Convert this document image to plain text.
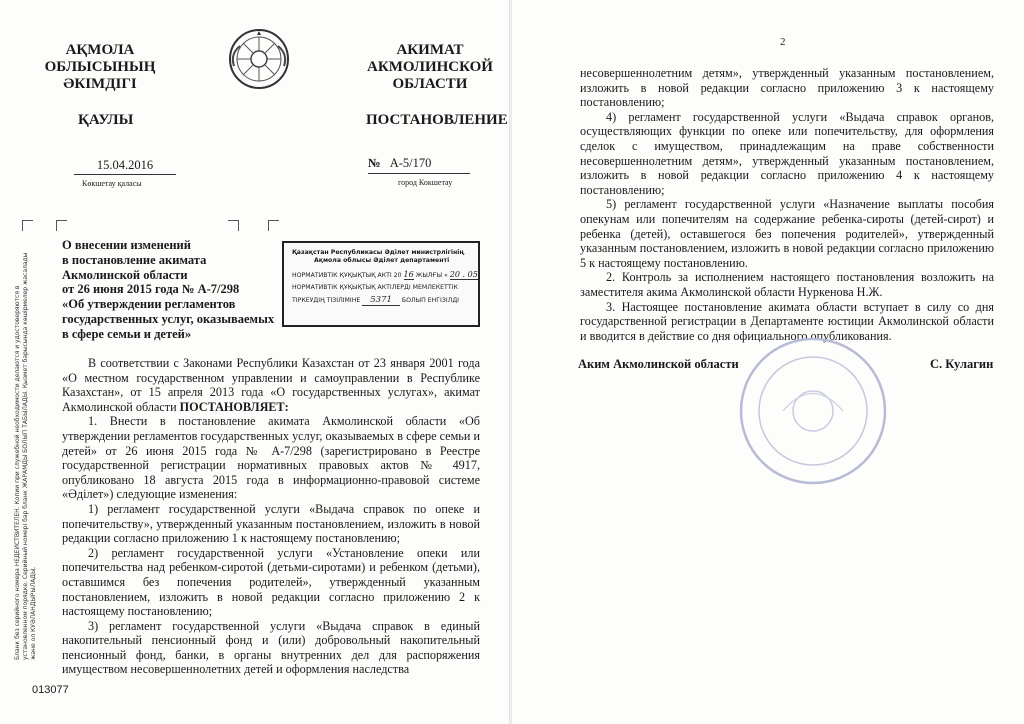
АҚМОЛА
ОБЛЫСЫНЫҢ
ӘКІМДІГІ
АКИМАТ
АКМОЛИНСКОЙ
ОБЛАСТИ
ҚАУЛЫ	ПОСТАНОВЛЕНИЕ
15.04.2016
Көкшетау қаласы
№ А-5/170
город Кокшетау
Бланк без серийного номера НЕДЕЙСТВИТЕЛЕН. Копии при служебной необходимости делаются и удостоверяются в установленном порядке. Серийный номері бар бланк ЖАРАМДЫ БОЛЫП ТАБЫЛАДЫ. Қызмет барысында көшірмелер жасалады және ол КУӘЛАНДЫРЫЛАДЫ.
О внесении изменений
в постановление акимата
Акмолинской области
от 26 июня 2015 года № А-7/298
«Об утверждении регламентов
государственных услуг, оказываемых
в сфере семьи и детей»
Қазақстан Республикасы Әділет министрлігінің
Ақмола облысы Әділет департаменті
НОРМАТИВТІК ҚҰҚЫҚТЫҚ АКТІ 20 16 ЖЫЛҒЫ « 20 . 05
НОРМАТИВТІК ҚҰҚЫҚТЫҚ АКТІЛЕРДІ МЕМЛЕКЕТТІК
ТІРКЕУДІҢ ТІЗІЛІМІНЕ 5371 БОЛЫП ЕНГІЗІЛДІ
В соответствии с Законами Республики Казахстан от 23 января 2001 года «О местном государственном управлении и самоуправлении в Республике Казахстан», от 15 апреля 2013 года «О государственных услугах», акимат Акмолинской области ПОСТАНОВЛЯЕТ:
1. Внести в постановление акимата Акмолинской области «Об утверждении регламентов государственных услуг, оказываемых в сфере семьи и детей» от 26 июня 2015 года № А-7/298 (зарегистрировано в Реестре государственной регистрации нормативных правовых актов № 4917, опубликовано 18 августа 2015 года в информационно-правовой системе «Әділет») следующие изменения:
1) регламент государственной услуги «Выдача справок по опеке и попечительству», утвержденный указанным постановлением, изложить в новой редакции согласно приложению 1 к настоящему постановлению;
2) регламент государственной услуги «Установление опеки или попечительства над ребенком-сиротой (детьми-сиротами) и ребенком (детьми), оставшимся без попечения родителей», утвержденный указанным постановлением, изложить в новой редакции согласно приложению 2 к настоящему постановлению;
3) регламент государственной услуги «Выдача справок в единый накопительный пенсионный фонд и (или) добровольный накопительный пенсионный фонд, банки, в органы внутренних дел для распоряжения имуществом несовершеннолетних детей и оформления наследства
013077
2
несовершеннолетним детям», утвержденный указанным постановлением, изложить в новой редакции согласно приложению 3 к настоящему постановлению;
4) регламент государственной услуги «Выдача справок органов, осуществляющих функции по опеке или попечительству, для оформления сделок с имуществом, принадлежащим на праве собственности несовершеннолетним детям», утвержденный указанным постановлением, изложить в новой редакции согласно приложению 4 к настоящему постановлению;
5) регламент государственной услуги «Назначение выплаты пособия опекунам или попечителям на содержание ребенка-сироты (детей-сирот) и ребенка (детей), оставшегося без попечения родителей», утвержденный указанным постановлением, изложить в новой редакции согласно приложению 5 к настоящему постановлению.
2. Контроль за исполнением настоящего постановления возложить на заместителя акима Акмолинской области Нуркенова Н.Ж.
3. Настоящее постановление акимата области вступает в силу со дня государственной регистрации в Департаменте юстиции Акмолинской области и вводится в действие со дня официального опубликования.
Аким Акмолинской области	С. Кулагин
